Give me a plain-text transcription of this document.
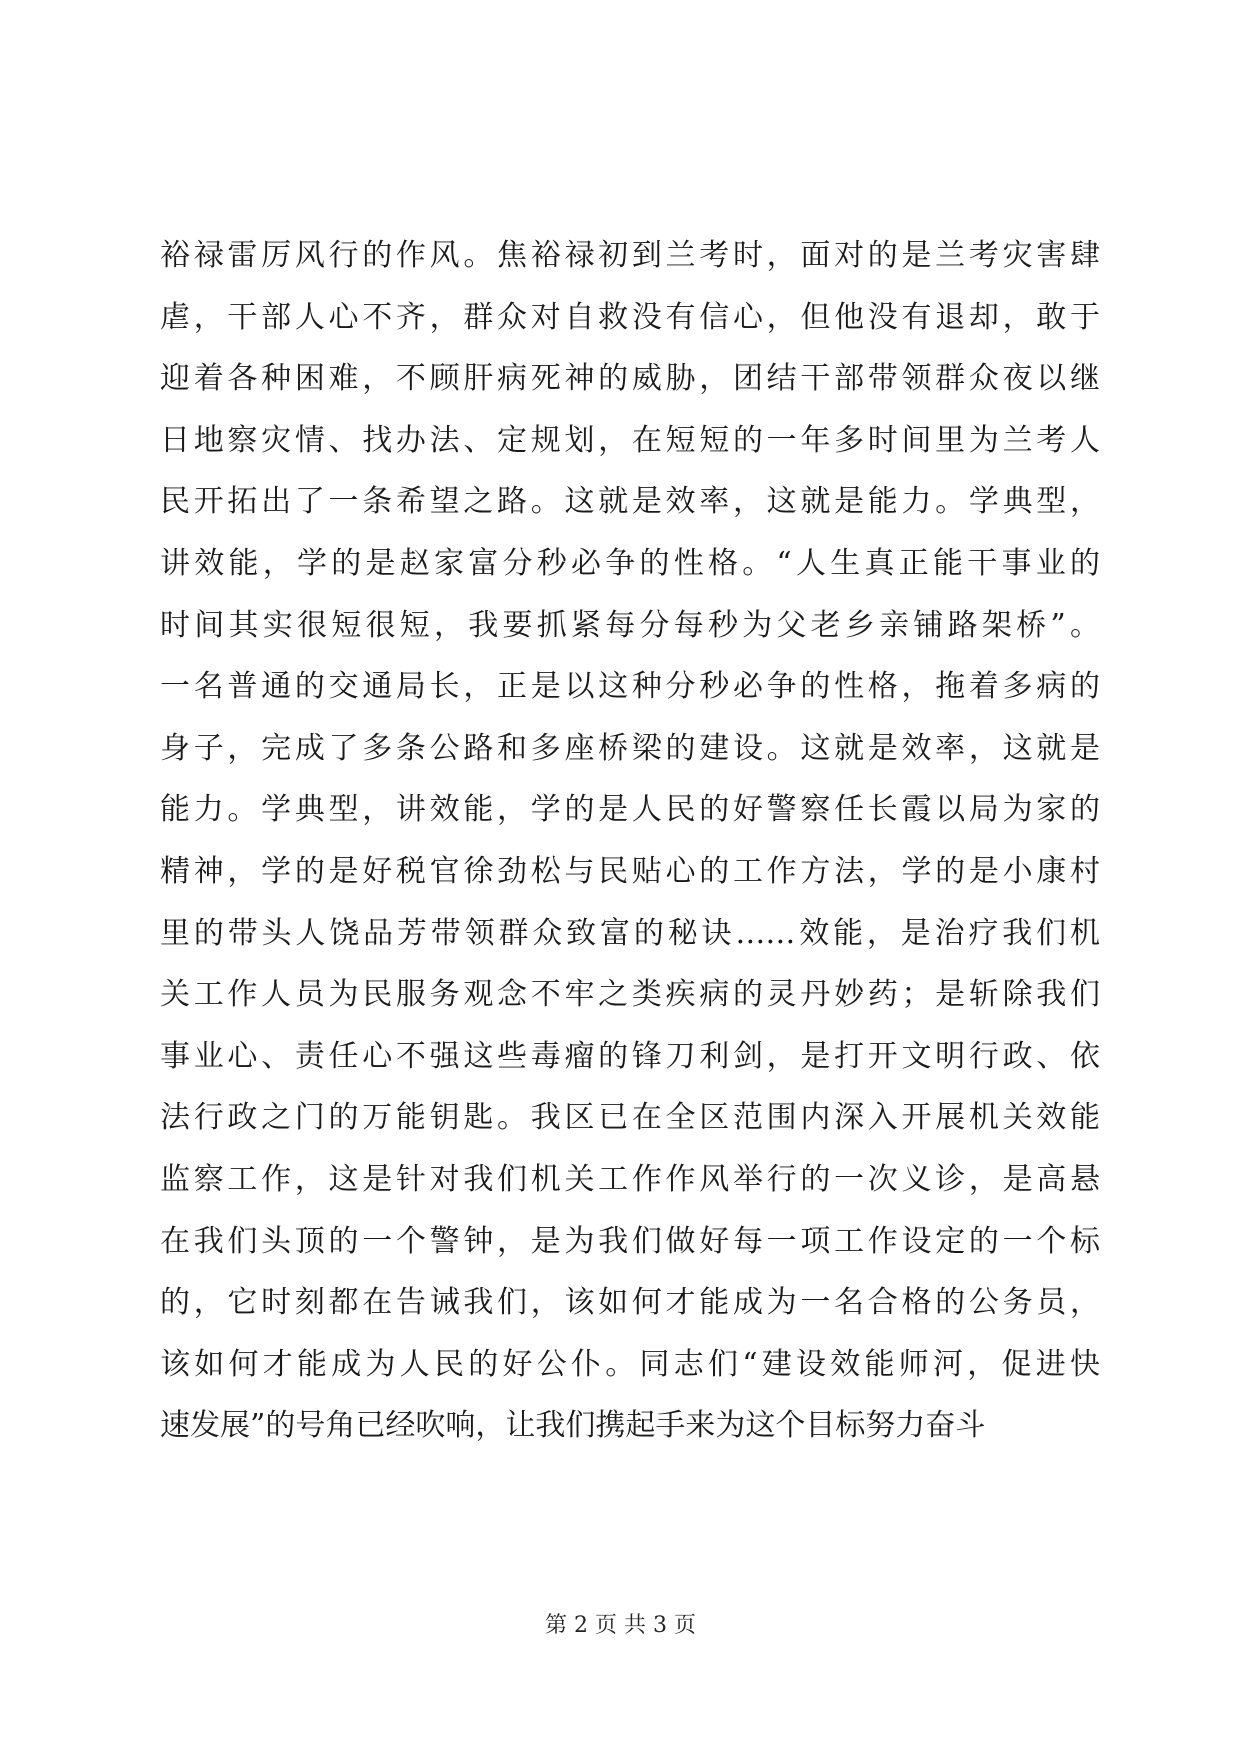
裕禄雷厉风行的作风。焦裕禄初到兰考时，面对的是兰考灾害肆
虐，干部人心不齐，群众对自救没有信心，但他没有退却，敢于
迎着各种困难，不顾肝病死神的威胁，团结干部带领群众夜以继
日地察灾情、找办法、定规划，在短短的一年多时间里为兰考人
民开拓出了一条希望之路。这就是效率，这就是能力。学典型，
讲效能，学的是赵家富分秒必争的性格。“人生真正能干事业的
时间其实很短很短，我要抓紧每分每秒为父老乡亲铺路架桥”。
一名普通的交通局长，正是以这种分秒必争的性格，拖着多病的
身子，完成了多条公路和多座桥梁的建设。这就是效率，这就是
能力。学典型，讲效能，学的是人民的好警察任长霞以局为家的
精神，学的是好税官徐劲松与民贴心的工作方法，学的是小康村
里的带头人饶品芳带领群众致富的秘诀……效能，是治疗我们机
关工作人员为民服务观念不牢之类疾病的灵丹妙药；是斩除我们
事业心、责任心不强这些毒瘤的锋刀利剑，是打开文明行政、依
法行政之门的万能钥匙。我区已在全区范围内深入开展机关效能
监察工作，这是针对我们机关工作作风举行的一次义诊，是高悬
在我们头顶的一个警钟，是为我们做好每一项工作设定的一个标
的，它时刻都在告诫我们，该如何才能成为一名合格的公务员，
该如何才能成为人民的好公仆。同志们“建设效能师河，促进快
速发展”的号角已经吹响，让我们携起手来为这个目标努力奋斗
第 2 页 共 3 页
